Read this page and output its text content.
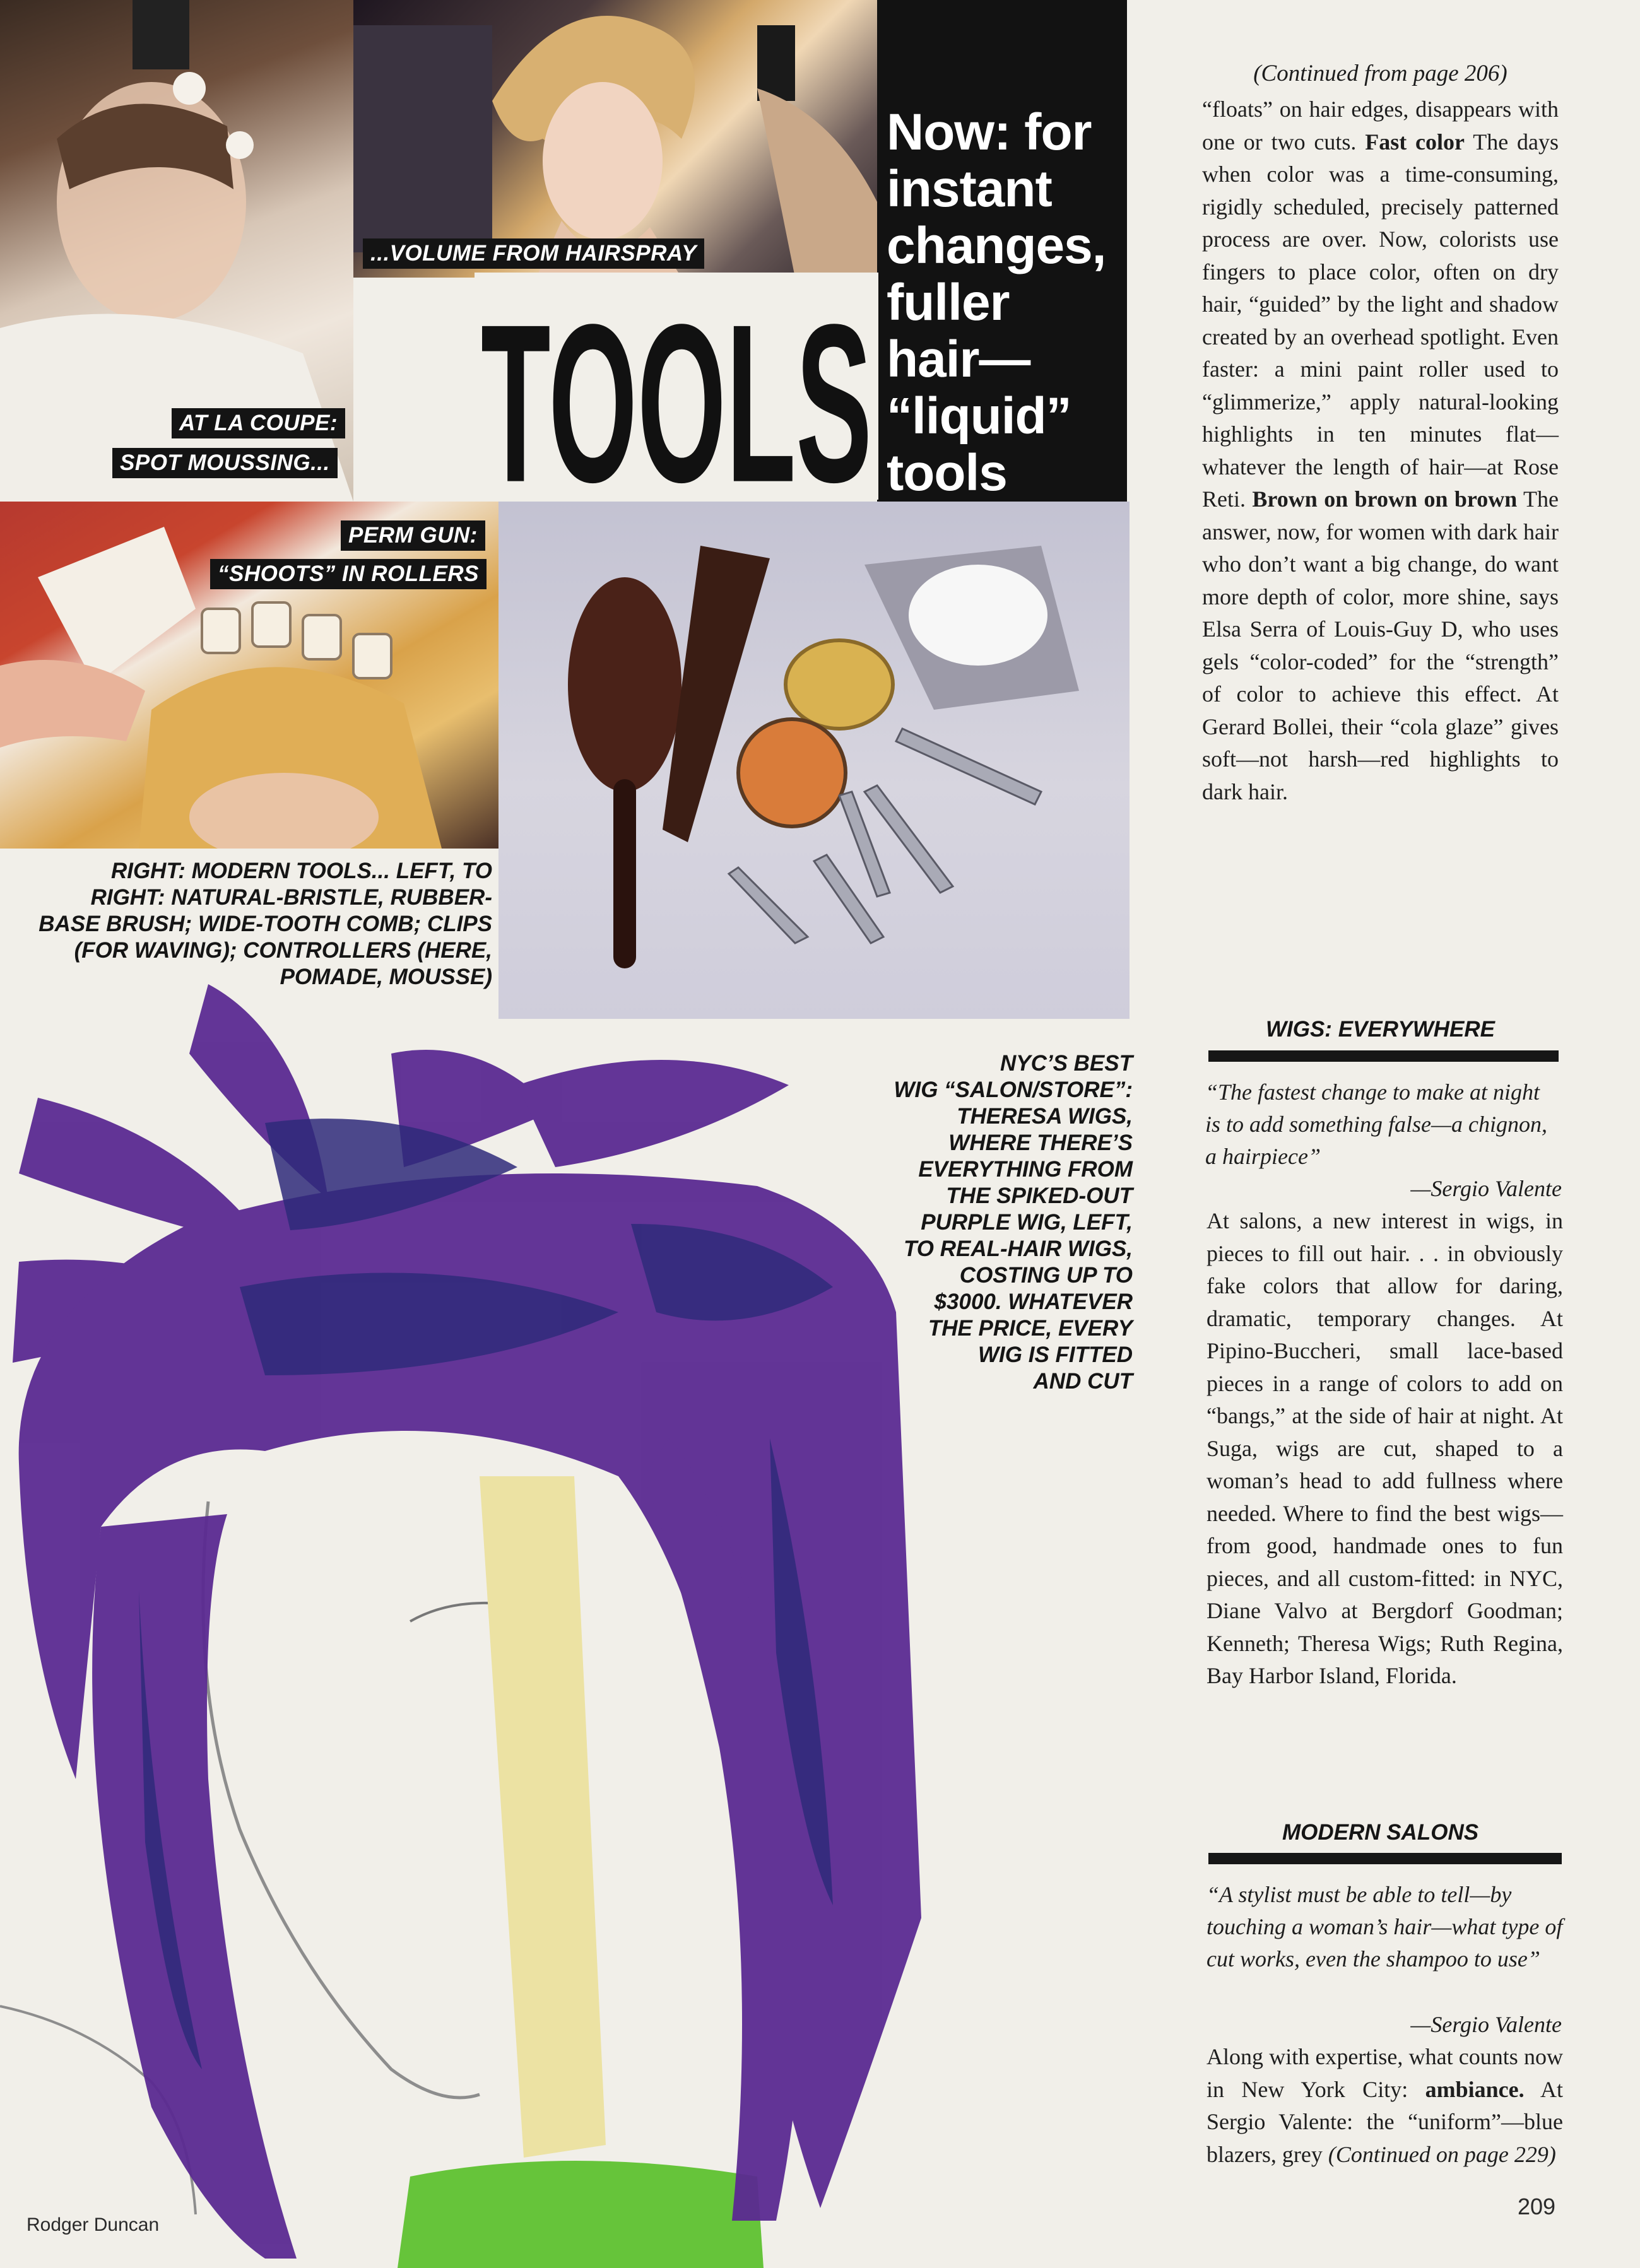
...VOLUME FROM HAIRSPRAY
AT LA COUPE:
SPOT MOUSSING...
PERM GUN:
“SHOOTS” IN ROLLERS
TOOLS
Now: for
instant
changes,
fuller
hair—
“liquid”
tools
RIGHT: MODERN TOOLS... LEFT, TO
RIGHT: NATURAL-BRISTLE, RUBBER-
BASE BRUSH; WIDE-TOOTH COMB; CLIPS
(FOR WAVING); CONTROLLERS (HERE,
POMADE, MOUSSE)
NYC’S BEST
WIG “SALON/STORE”:
THERESA WIGS,
WHERE THERE’S
EVERYTHING FROM
THE SPIKED-OUT
PURPLE WIG, LEFT,
TO REAL-HAIR WIGS,
COSTING UP TO
$3000. WHATEVER
THE PRICE, EVERY
WIG IS FITTED
AND CUT
(Continued from page 206)
“floats” on hair edges, disappears with one or two cuts. Fast color The days when color was a time-consuming, rigidly scheduled, precisely patterned process are over. Now, colorists use fingers to place color, often on dry hair, “guided” by the light and shadow created by an overhead spotlight. Even faster: a mini paint roller used to “glimmerize,” apply natural-looking highlights in ten minutes flat—whatever the length of hair—at Rose Reti. Brown on brown on brown The answer, now, for women with dark hair who don’t want a big change, do want more depth of color, more shine, says Elsa Serra of Louis-Guy D, who uses gels “color-coded” for the “strength” of color to achieve this effect. At Gerard Bollei, their “cola glaze” gives soft—not harsh—red highlights to dark hair.
WIGS: EVERYWHERE
“The fastest change to make at night is to add something false—a chignon, a hairpiece”
—Sergio Valente
At salons, a new interest in wigs, in pieces to fill out hair. . . in obviously fake colors that allow for daring, dramatic, temporary changes. At Pipino-Buccheri, small lace-based pieces in a range of colors to add on “bangs,” at the side of hair at night. At Suga, wigs are cut, shaped to a woman’s head to add fullness where needed. Where to find the best wigs—from good, handmade ones to fun pieces, and all custom-fitted: in NYC, Diane Valvo at Bergdorf Goodman; Kenneth; Theresa Wigs; Ruth Regina, Bay Harbor Island, Florida.
MODERN SALONS
“A stylist must be able to tell—by touching a woman’s hair—what type of cut works, even the shampoo to use”
—Sergio Valente
Along with expertise, what counts now in New York City: ambiance. At Sergio Valente: the “uniform”—blue blazers, grey (Continued on page 229)
Rodger Duncan
209
